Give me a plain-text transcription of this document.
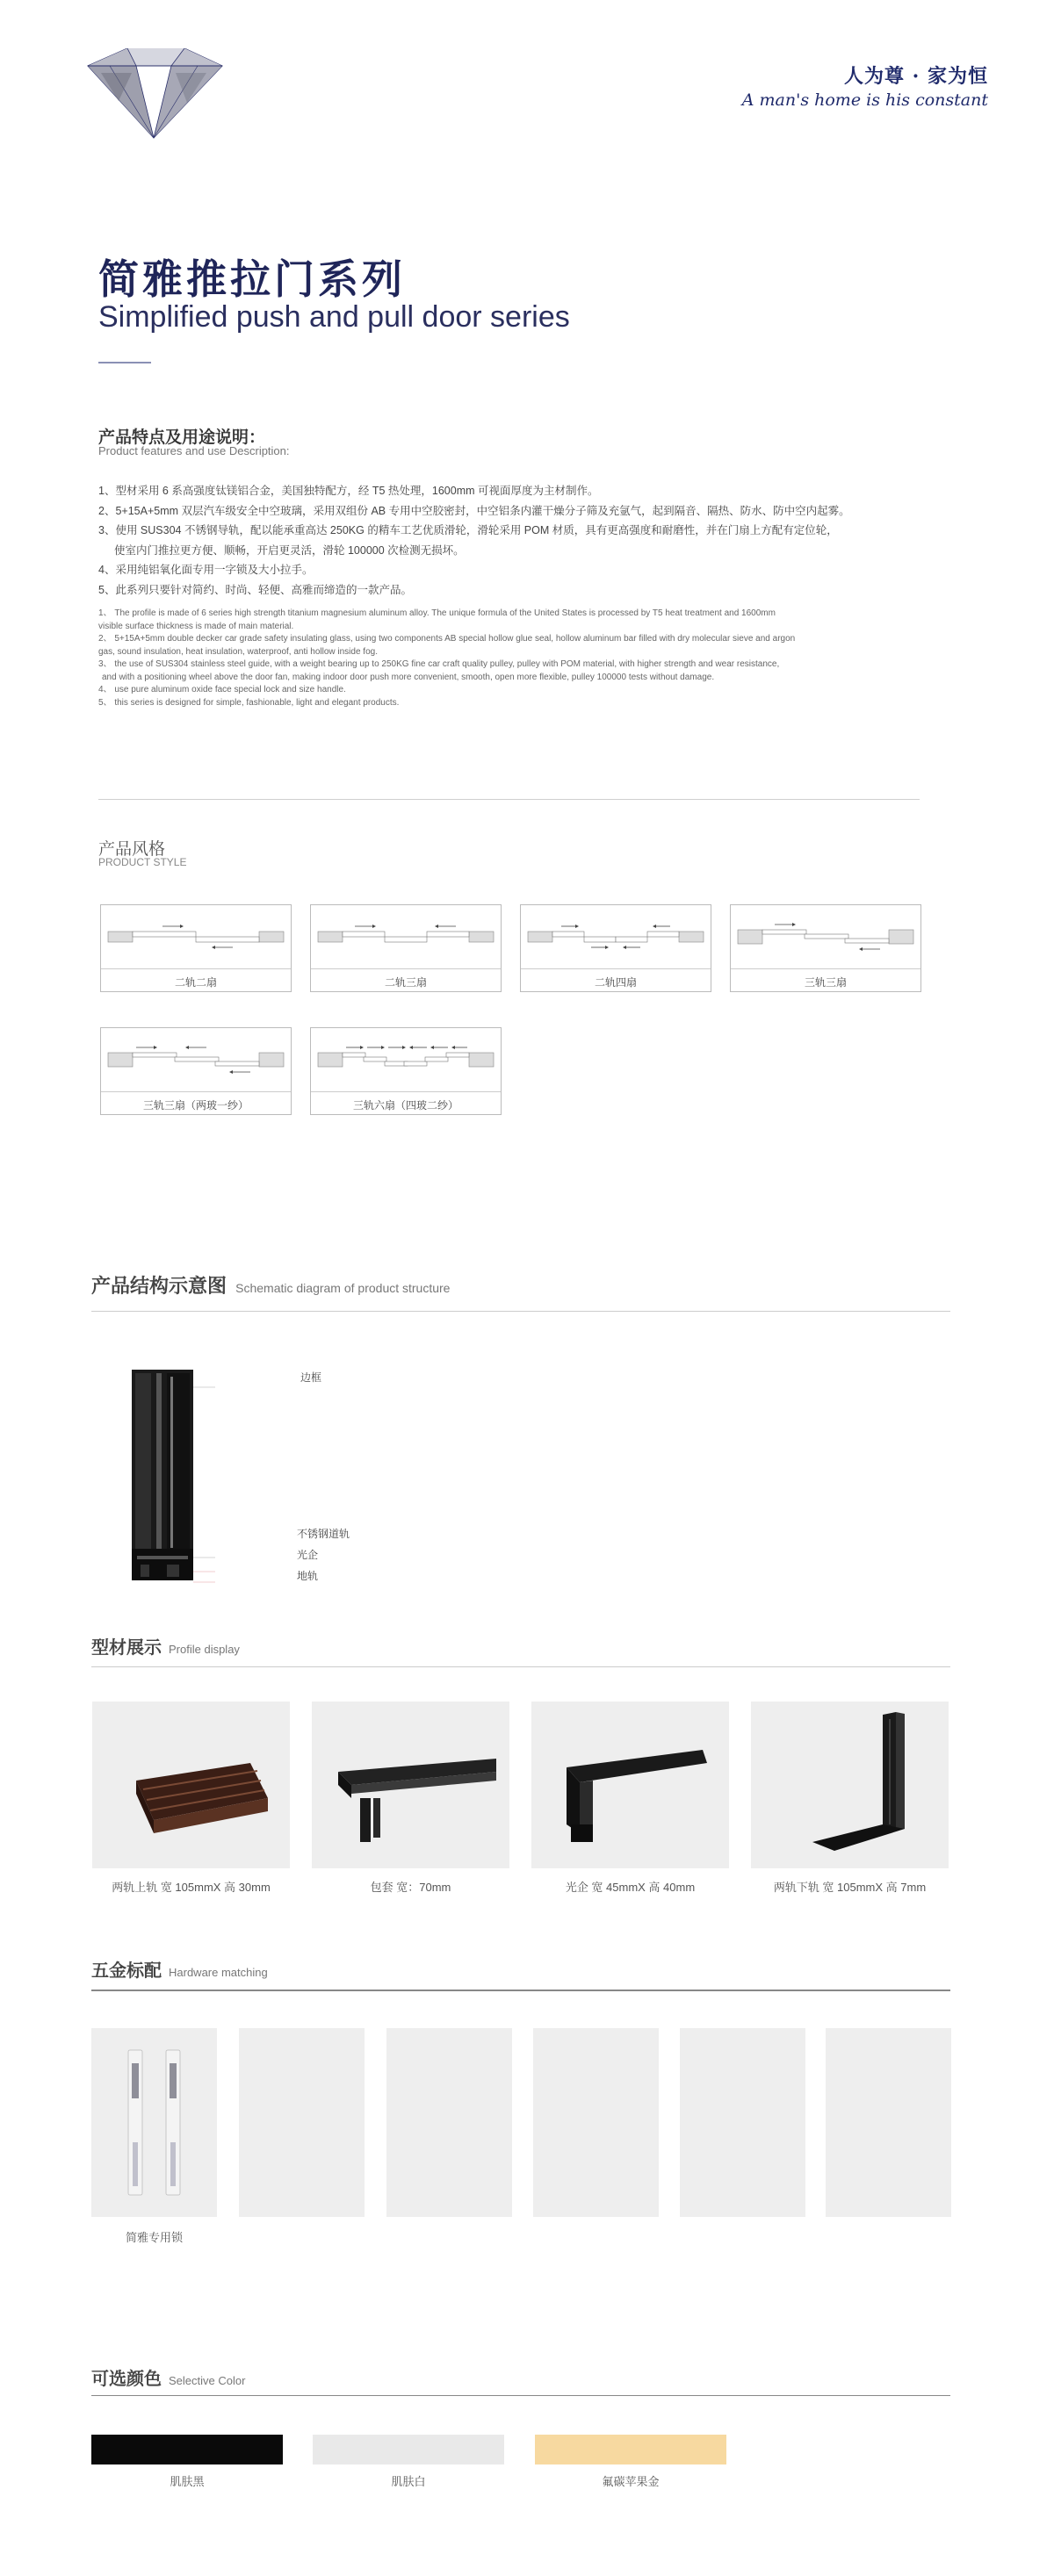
人为尊 · 家为恒
A man's home is his constant
简雅推拉门系列
Simplified push and pull door series
产品特点及用途说明：
Product features and use Description:

1、型材采用 6 系高强度钛镁铝合金，美国独特配方，经 T5 热处理，1600mm 可视面厚度为主材制作。

2、5+15A+5mm 双层汽车级安全中空玻璃，采用双组份 AB 专用中空胶密封，中空铝条内灌干燥分子筛及充氩气，起到隔音、隔热、防水、防中空内起雾。

3、使用 SUS304 不锈钢导轨，配以能承重高达 250KG 的精车工艺优质滑轮，滑轮采用 POM 材质，具有更高强度和耐磨性，并在门扇上方配有定位轮，

使室内门推拉更方便、顺畅，开启更灵活，滑轮 100000 次检测无损坏。

4、采用纯铝氧化面专用一字锁及大小拉手。

5、此系列只要针对简约、时尚、轻便、高雅而缔造的一款产品。

1、 The profile is made of 6 series high strength titanium magnesium aluminum alloy. The unique formula of the United States is processed by T5 heat treatment and 1600mm

visible surface thickness is made of main material.

2、 5+15A+5mm double decker car grade safety insulating glass, using two components AB special hollow glue seal, hollow aluminum bar filled with dry molecular sieve and argon

gas, sound insulation, heat insulation, waterproof, anti hollow inside fog.

3、 the use of SUS304 stainless steel guide, with a weight bearing up to 250KG fine car craft quality pulley, pulley with POM material, with higher strength and wear resistance,

and with a positioning wheel above the door fan, making indoor door push more convenient, smooth, open more flexible, pulley 100000 tests without damage.

4、 use pure aluminum oxide face special lock and size handle.

5、 this series is designed for simple, fashionable, light and elegant products.

产品风格
PRODUCT STYLE
二轨二扇	二轨三扇	二轨四扇	三轨三扇
三轨三扇（两玻一纱）	三轨六扇（四玻二纱）
产品结构示意图 Schematic diagram of product structure
边框
不锈钢道轨
光企
地轨
型材展示 Profile display
两轨上轨 宽 105mmX 高 30mm	包套 宽：70mm	光企 宽 45mmX 高 40mm	两轨下轨 宽 105mmX 高 7mm
五金标配 Hardware matching
简雅专用锁
可选颜色 Selective Color
肌肤黑	肌肤白	氟碳苹果金
